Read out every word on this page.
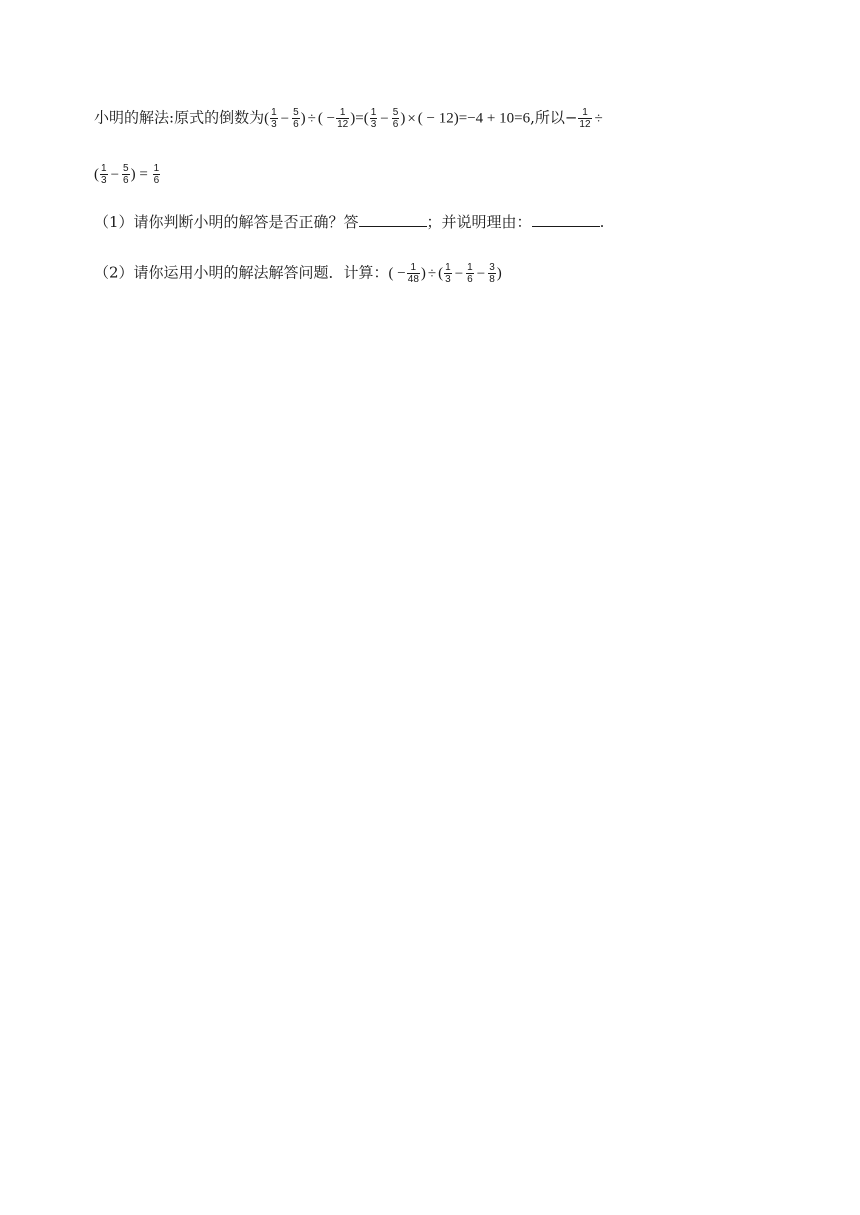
小明的解法:原式的倒数为( $\frac{1}{3} - \frac{5}{6}$ ) ÷ ( − $\frac{1}{12}$ )=( $\frac{1}{3} - \frac{5}{6}$ ) × ( − 12)=−4 + 10=6,所以− $\frac{1}{12}$ ÷
( $\frac{1}{3} - \frac{5}{6}$ ) = $\frac{1}{6}$
（1）请你判断小明的解答是否正确？答	；并说明理由：	.
（2）请你运用小明的解法解答问题．计算：( − $\frac{1}{48}$ ) ÷ ( $\frac{1}{3} - \frac{1}{6} - \frac{3}{8}$ )
